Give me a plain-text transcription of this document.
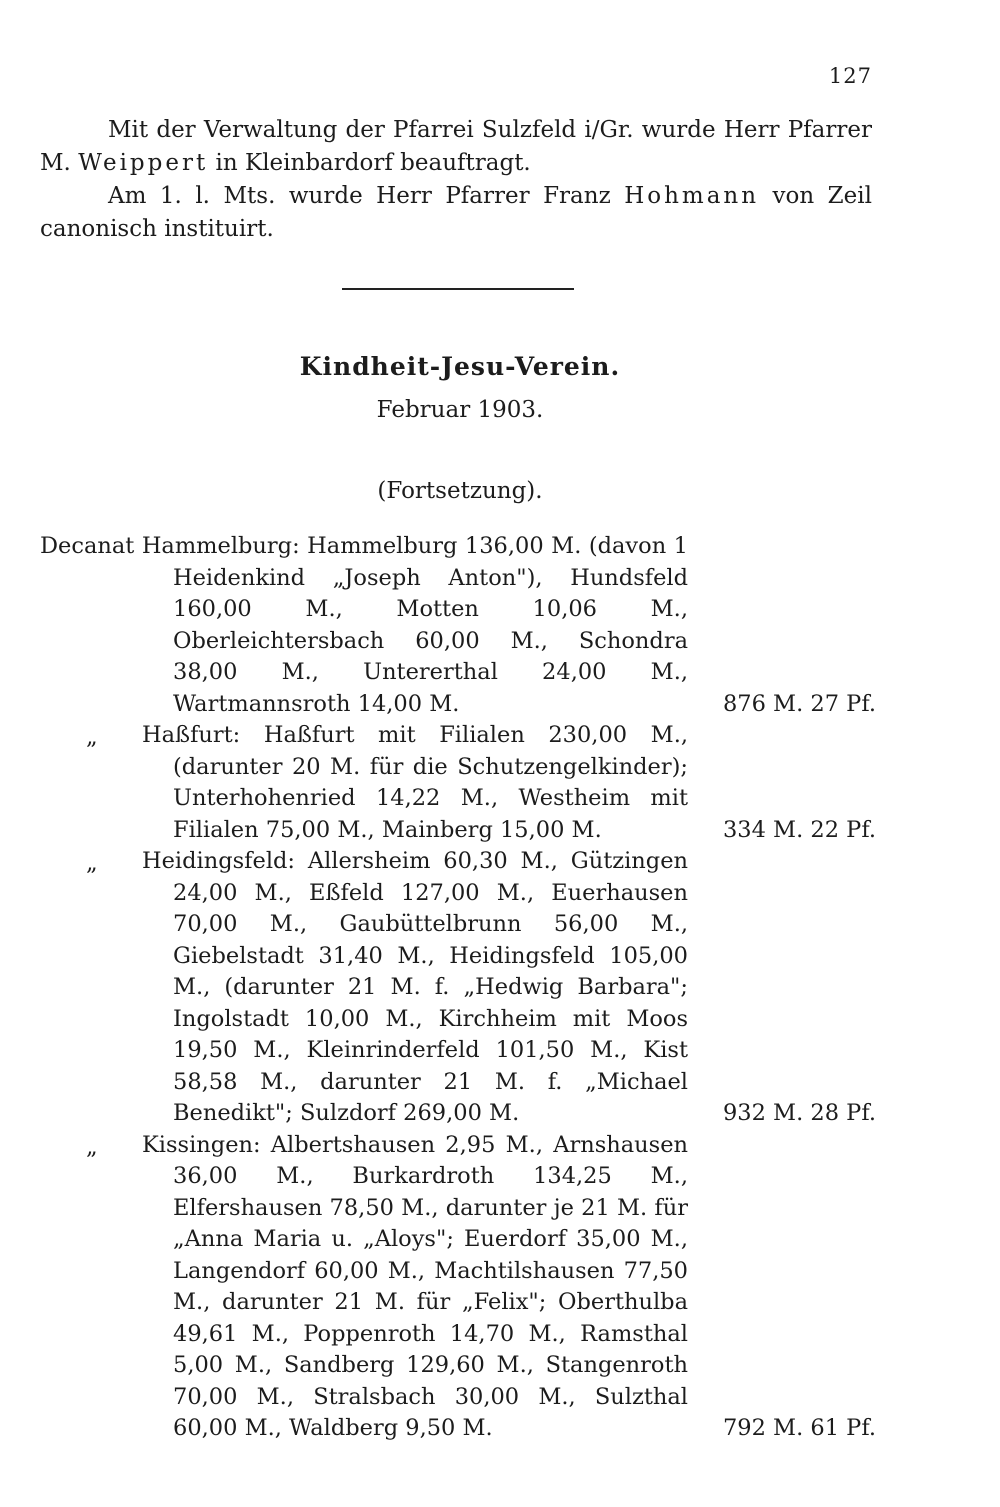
127

Mit der Verwaltung der Pfarrei Sulzfeld i/Gr. wurde Herr Pfarrer M. Weippert in Kleinbardorf beauftragt.

Am 1. l. Mts. wurde Herr Pfarrer Franz Hohmann von Zeil canonisch instituirt.

Kindheit-Jesu-Verein.
Februar 1903.
(Fortsetzung).
Decanat Hammelburg: Hammelburg 136,00 M. (davon 1 Heidenkind „Joseph Anton"), Hundsfeld 160,00 M., Motten 10,06 M., Oberleichtersbach 60,00 M., Schondra 38,00 M., Untererthal 24,00 M., Wartmannsroth 14,00 M.	876 M. 27 Pf.
„	Haßfurt: Haßfurt mit Filialen 230,00 M., (darunter 20 M. für die Schutzengelkinder); Unterhohenried 14,22 M., Westheim mit Filialen 75,00 M., Mainberg 15,00 M.	334 M. 22 Pf.
„	Heidingsfeld: Allersheim 60,30 M., Gützingen 24,00 M., Eßfeld 127,00 M., Euerhausen 70,00 M., Gaubüttelbrunn 56,00 M., Giebelstadt 31,40 M., Heidingsfeld 105,00 M., (darunter 21 M. f. „Hedwig Barbara"; Ingolstadt 10,00 M., Kirchheim mit Moos 19,50 M., Kleinrinderfeld 101,50 M., Kist 58,58 M., darunter 21 M. f. „Michael Benedikt"; Sulzdorf 269,00 M.	932 M. 28 Pf.
„	Kissingen: Albertshausen 2,95 M., Arnshausen 36,00 M., Burkardroth 134,25 M., Elfershausen 78,50 M., darunter je 21 M. für „Anna Maria u. „Aloys"; Euerdorf 35,00 M., Langendorf 60,00 M., Machtilshausen 77,50 M., darunter 21 M. für „Felix"; Oberthulba 49,61 M., Poppenroth 14,70 M., Ramsthal 5,00 M., Sandberg 129,60 M., Stangenroth 70,00 M., Stralsbach 30,00 M., Sulzthal 60,00 M., Waldberg 9,50 M.	792 M. 61 Pf.
